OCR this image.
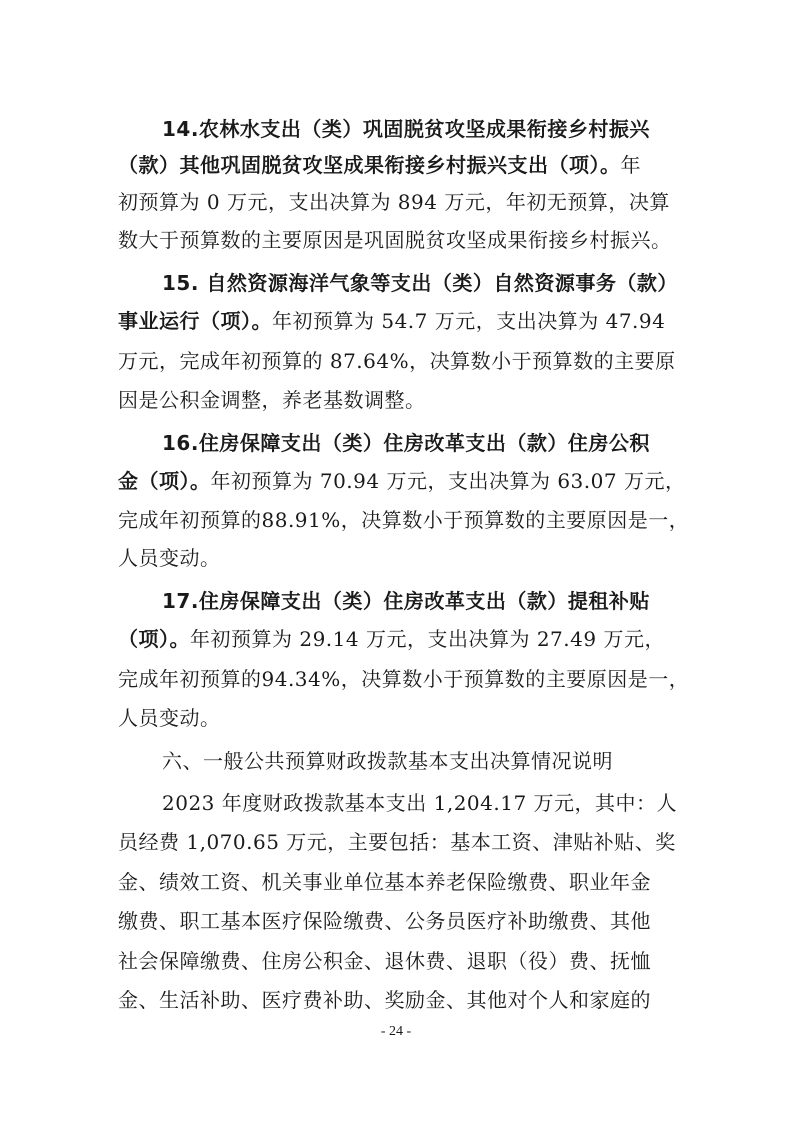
14.农林水支出（类）巩固脱贫攻坚成果衔接乡村振兴
（款）其他巩固脱贫攻坚成果衔接乡村振兴支出（项）。年
初预算为 0 万元，支出决算为 894 万元，年初无预算，决算
数大于预算数的主要原因是巩固脱贫攻坚成果衔接乡村振兴。
15. 自然资源海洋气象等支出（类）自然资源事务（款）
事业运行（项）。年初预算为 54.7 万元，支出决算为 47.94
万元，完成年初预算的 87.64%，决算数小于预算数的主要原
因是公积金调整，养老基数调整。
16.住房保障支出（类）住房改革支出（款）住房公积
金（项）。年初预算为 70.94 万元，支出决算为 63.07 万元，
完成年初预算的88.91%，决算数小于预算数的主要原因是一，
人员变动。
17.住房保障支出（类）住房改革支出（款）提租补贴
（项）。年初预算为 29.14 万元，支出决算为 27.49 万元，
完成年初预算的94.34%，决算数小于预算数的主要原因是一，
人员变动。
六、一般公共预算财政拨款基本支出决算情况说明
2023 年度财政拨款基本支出 1,204.17 万元，其中：人
员经费 1,070.65 万元，主要包括：基本工资、津贴补贴、奖
金、绩效工资、机关事业单位基本养老保险缴费、职业年金
缴费、职工基本医疗保险缴费、公务员医疗补助缴费、其他
社会保障缴费、住房公积金、退休费、退职（役）费、抚恤
金、生活补助、医疗费补助、奖励金、其他对个人和家庭的
- 24 -
